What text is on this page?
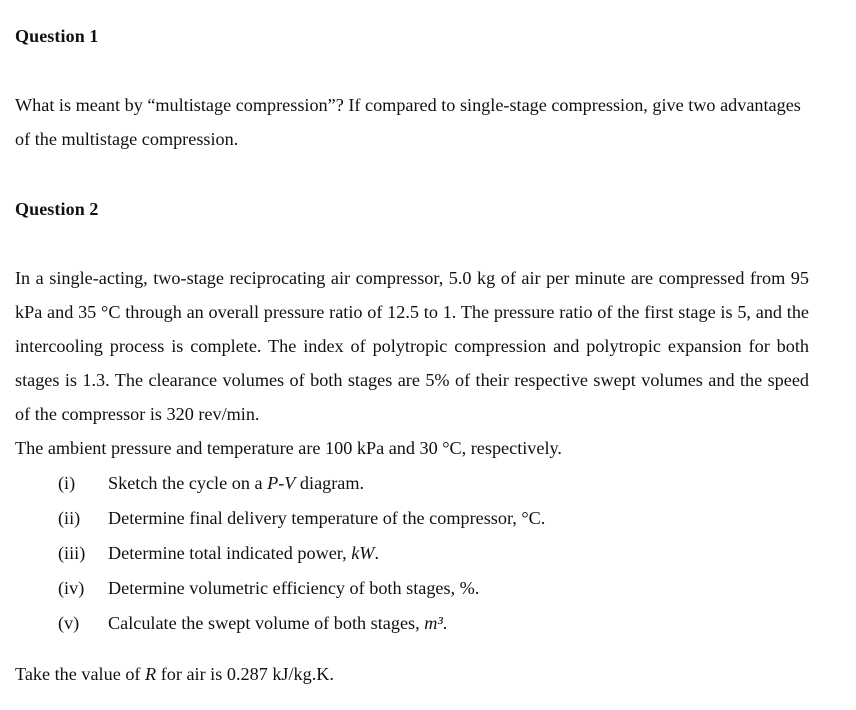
Question 1

What is meant by “multistage compression”? If compared to single-stage compression, give two advantages of the multistage compression.

Question 2

In a single-acting, two-stage reciprocating air compressor, 5.0 kg of air per minute are compressed from 95 kPa and 35 °C through an overall pressure ratio of 12.5 to 1. The pressure ratio of the first stage is 5, and the intercooling process is complete. The index of polytropic compression and polytropic expansion for both stages is 1.3. The clearance volumes of both stages are 5% of their respective swept volumes and the speed of the compressor is 320 rev/min.
The ambient pressure and temperature are 100 kPa and 30 °C, respectively.

(i) Sketch the cycle on a P-V diagram.
(ii) Determine final delivery temperature of the compressor, °C.
(iii) Determine total indicated power, kW.
(iv) Determine volumetric efficiency of both stages, %.
(v) Calculate the swept volume of both stages, m³.

Take the value of R for air is 0.287 kJ/kg.K.
